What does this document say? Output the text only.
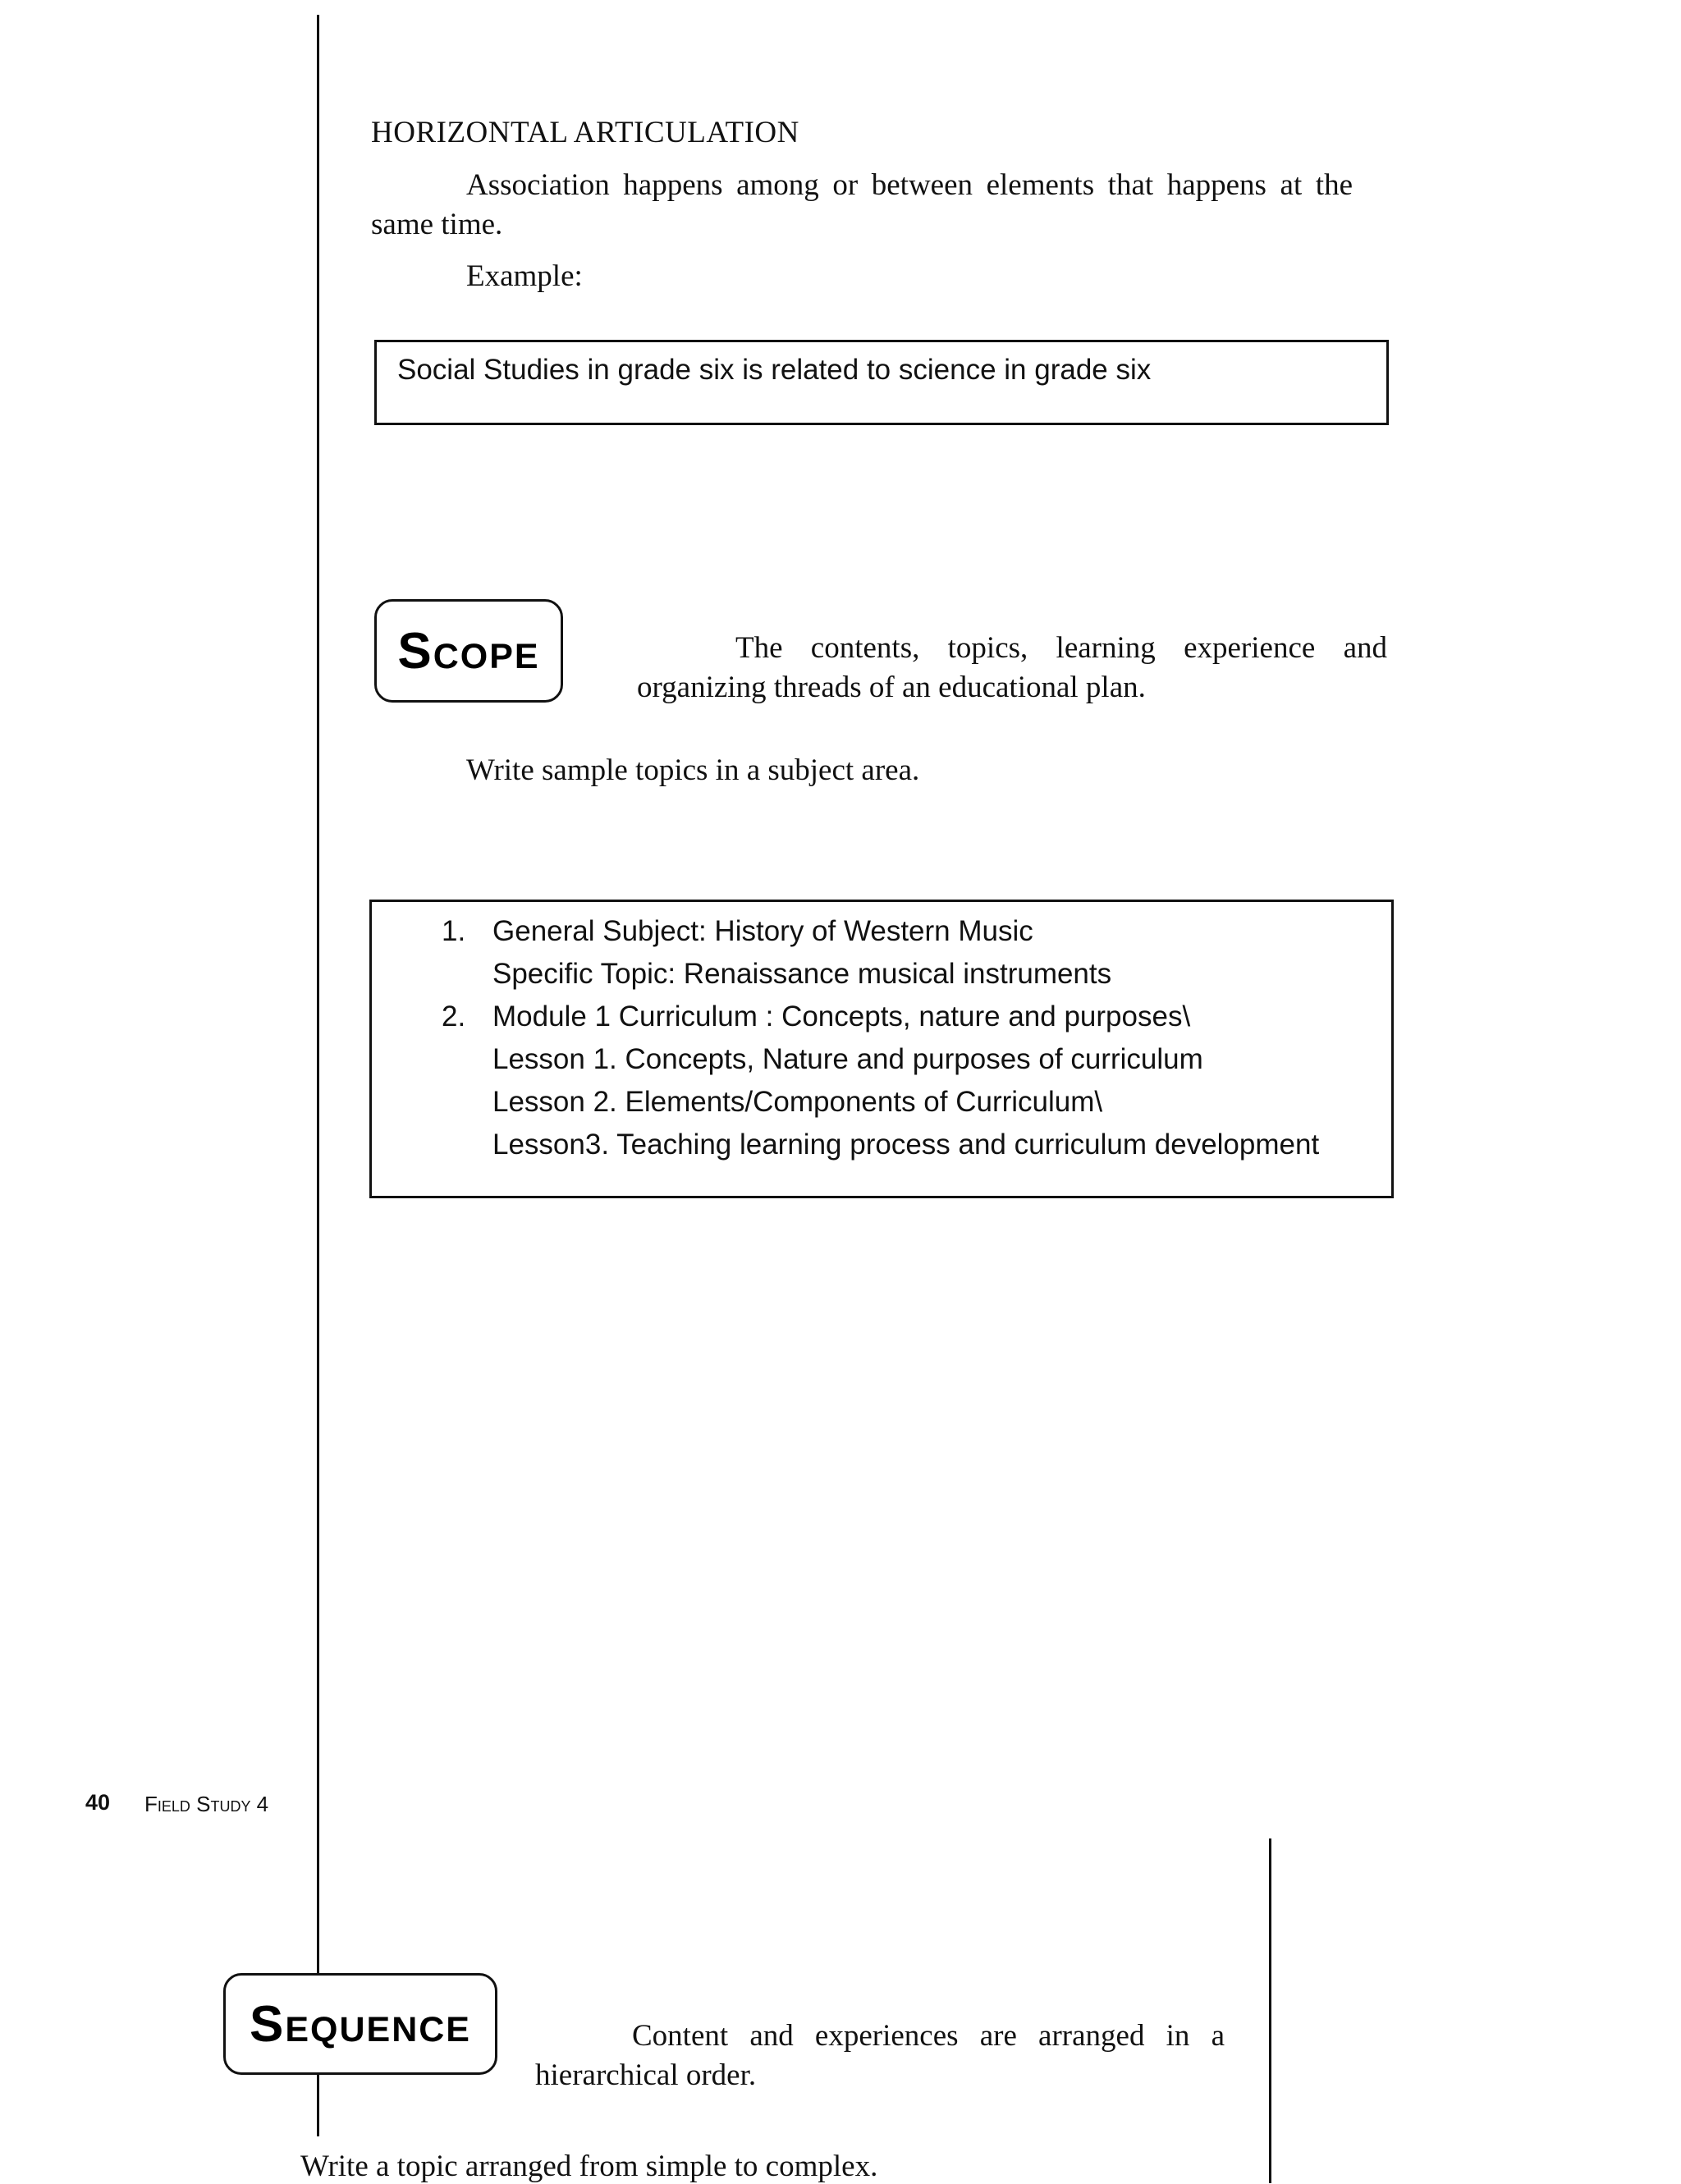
HORIZONTAL ARTICULATION
Association happens among or between elements that happens at the same time.
Example:
Social Studies in grade six is related to science in grade six
Scope	The contents, topics, learning experience and organizing threads of an educational plan.
Write sample topics in a subject area.
1. General Subject: History of Western Music
Specific Topic: Renaissance musical instruments
2. Module 1 Curriculum : Concepts, nature and purposes\
Lesson 1. Concepts, Nature and purposes of curriculum
Lesson 2. Elements/Components of Curriculum\
Lesson3. Teaching learning process and curriculum development
40 Field Study 4
Sequence	Content and experiences are arranged in a hierarchical order.
Write a topic arranged from simple to complex.
